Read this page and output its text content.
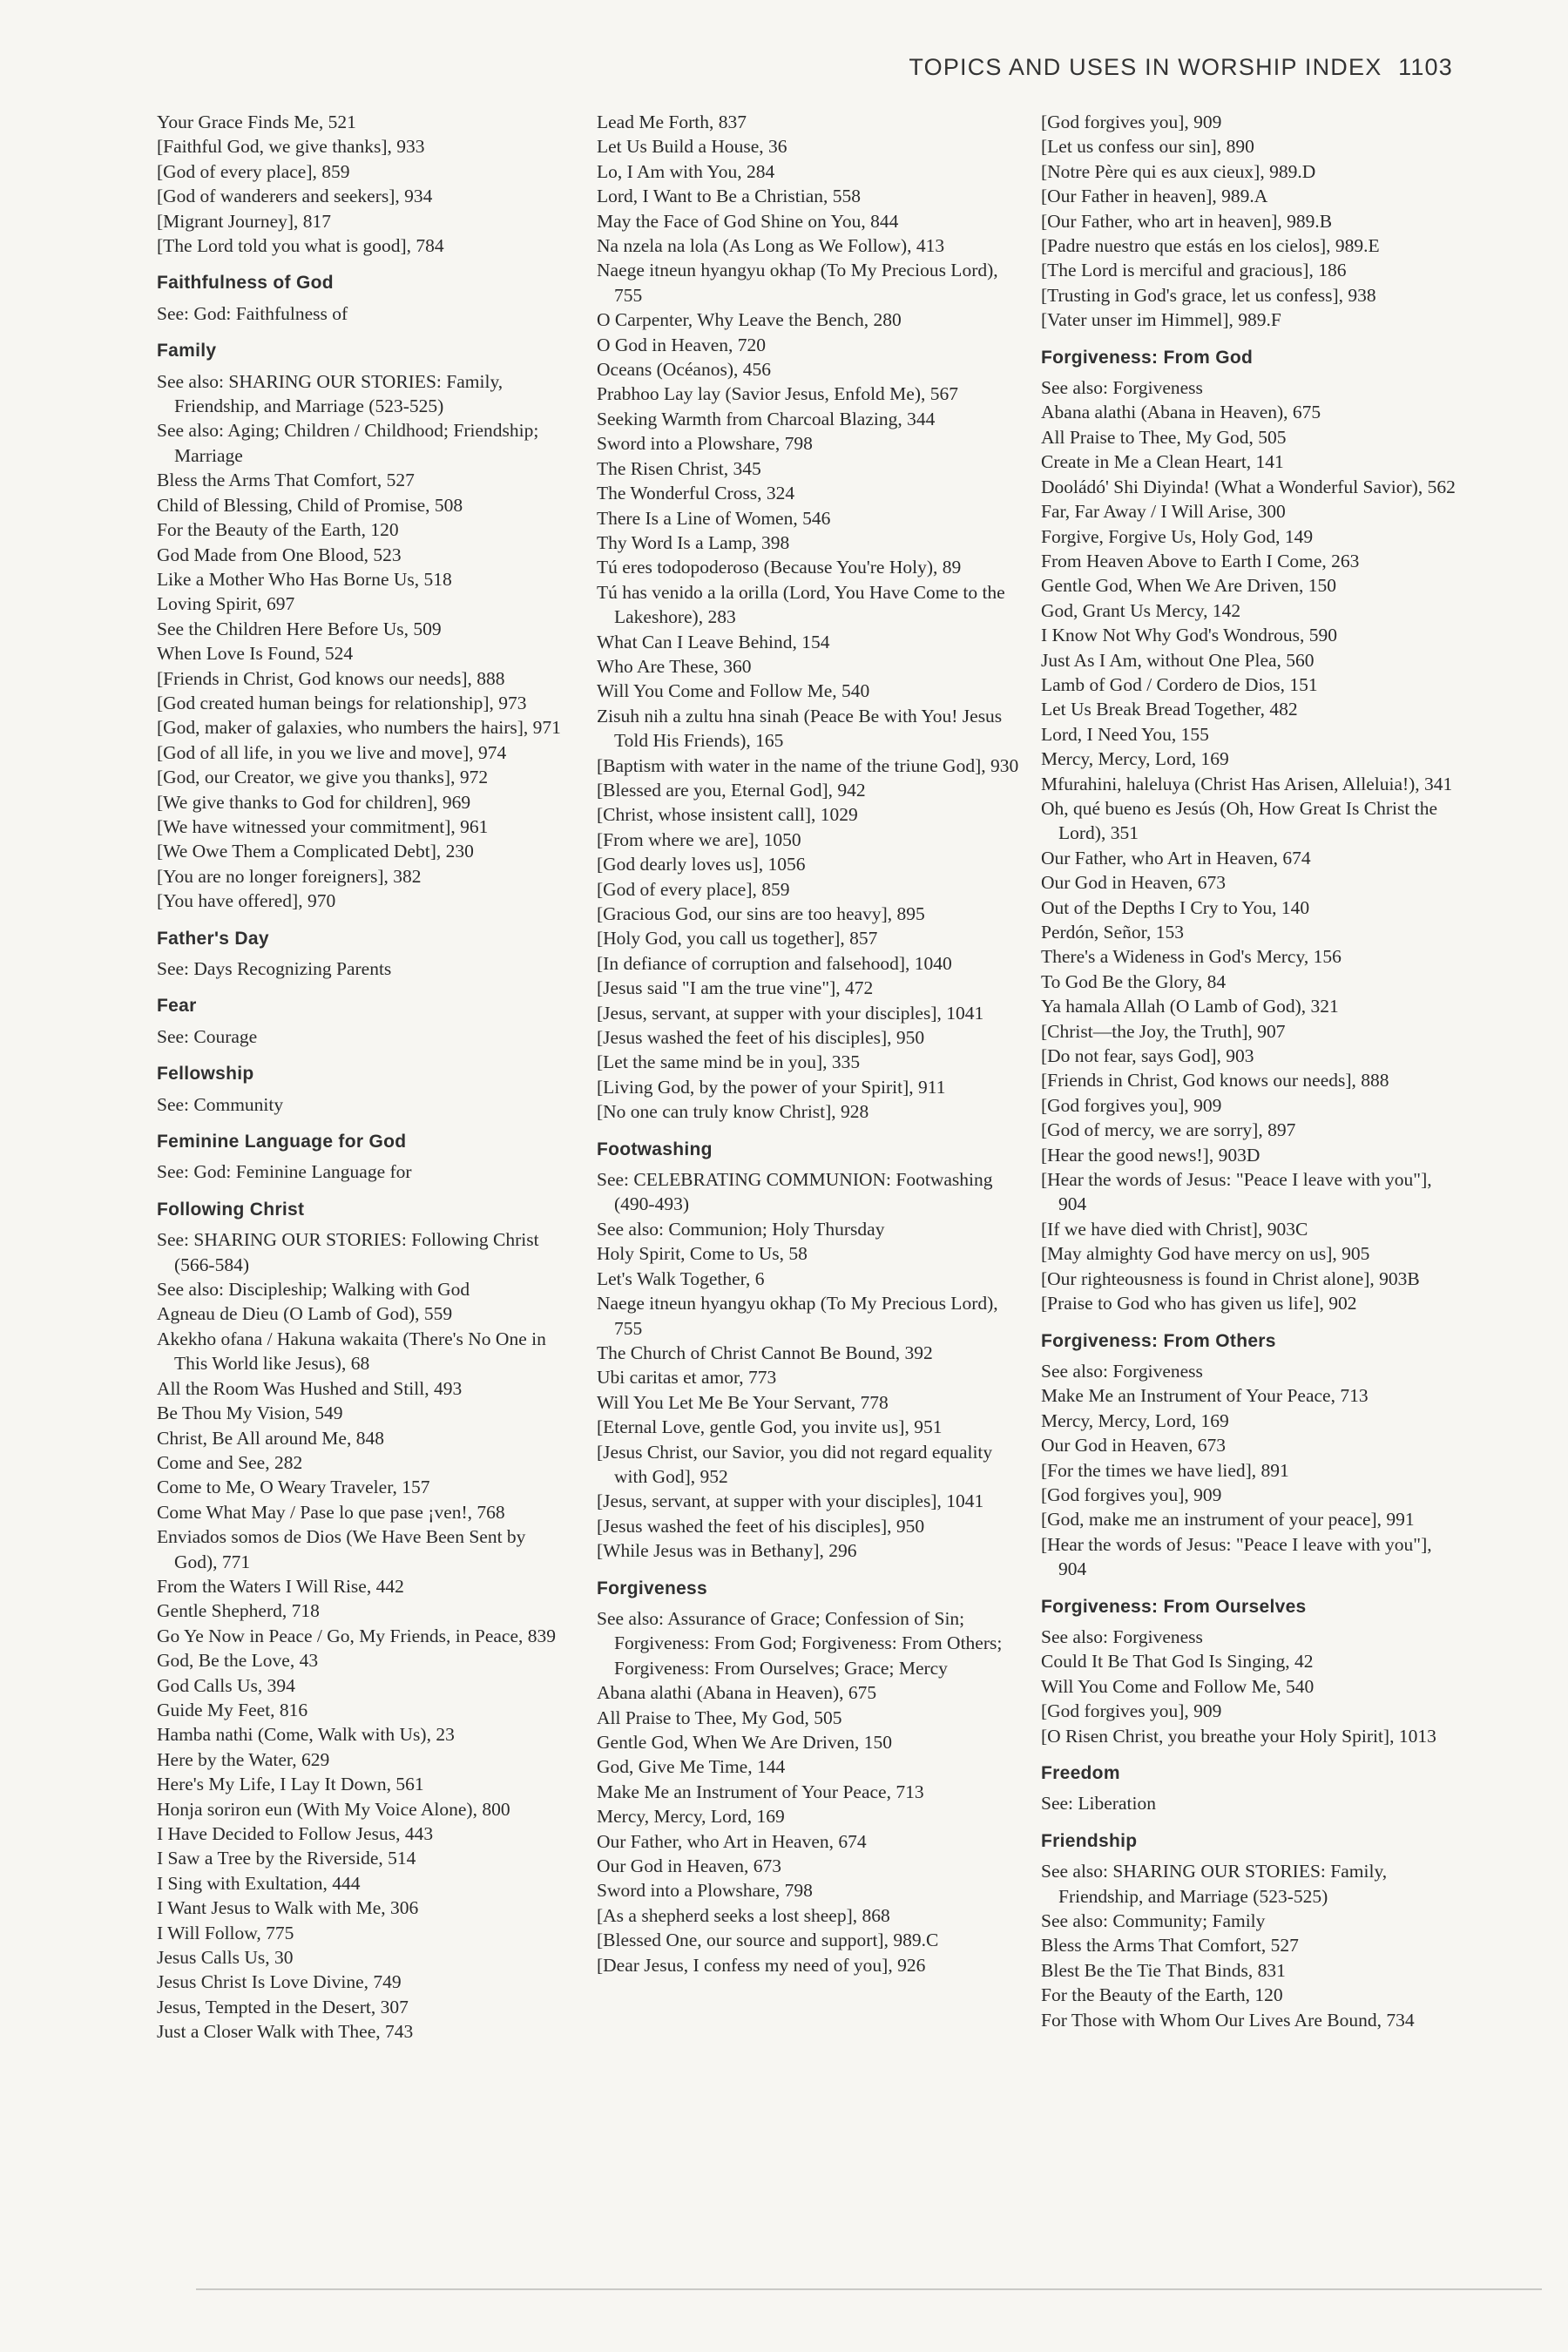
TOPICS AND USES IN WORSHIP INDEX 1103
Your Grace Finds Me, 521
[Faithful God, we give thanks], 933
[God of every place], 859
[God of wanderers and seekers], 934
[Migrant Journey], 817
[The Lord told you what is good], 784
Faithfulness of God
See: God: Faithfulness of
Family
See also: SHARING OUR STORIES: Family, Friendship, and Marriage (523-525)
See also: Aging; Children / Childhood; Friendship; Marriage
Bless the Arms That Comfort, 527
Child of Blessing, Child of Promise, 508
For the Beauty of the Earth, 120
God Made from One Blood, 523
Like a Mother Who Has Borne Us, 518
Loving Spirit, 697
See the Children Here Before Us, 509
When Love Is Found, 524
[Friends in Christ, God knows our needs], 888
[God created human beings for relationship], 973
[God, maker of galaxies, who numbers the hairs], 971
[God of all life, in you we live and move], 974
[God, our Creator, we give you thanks], 972
[We give thanks to God for children], 969
[We have witnessed your commitment], 961
[We Owe Them a Complicated Debt], 230
[You are no longer foreigners], 382
[You have offered], 970
Father's Day
See: Days Recognizing Parents
Fear
See: Courage
Fellowship
See: Community
Feminine Language for God
See: God: Feminine Language for
Following Christ
See: SHARING OUR STORIES: Following Christ (566-584)
See also: Discipleship; Walking with God
Agneau de Dieu (O Lamb of God), 559
Akekho ofana / Hakuna wakaita (There's No One in This World like Jesus), 68
All the Room Was Hushed and Still, 493
Be Thou My Vision, 549
Christ, Be All around Me, 848
Come and See, 282
Come to Me, O Weary Traveler, 157
Come What May / Pase lo que pase ¡ven!, 768
Enviados somos de Dios (We Have Been Sent by God), 771
From the Waters I Will Rise, 442
Gentle Shepherd, 718
Go Ye Now in Peace / Go, My Friends, in Peace, 839
God, Be the Love, 43
God Calls Us, 394
Guide My Feet, 816
Hamba nathi (Come, Walk with Us), 23
Here by the Water, 629
Here's My Life, I Lay It Down, 561
Honja soriron eun (With My Voice Alone), 800
I Have Decided to Follow Jesus, 443
I Saw a Tree by the Riverside, 514
I Sing with Exultation, 444
I Want Jesus to Walk with Me, 306
I Will Follow, 775
Jesus Calls Us, 30
Jesus Christ Is Love Divine, 749
Jesus, Tempted in the Desert, 307
Just a Closer Walk with Thee, 743
Lead Me Forth, 837
Let Us Build a House, 36
Lo, I Am with You, 284
Lord, I Want to Be a Christian, 558
May the Face of God Shine on You, 844
Na nzela na lola (As Long as We Follow), 413
Naege itneun hyangyu okhap (To My Precious Lord), 755
O Carpenter, Why Leave the Bench, 280
O God in Heaven, 720
Oceans (Océanos), 456
Prabhoo Lay lay (Savior Jesus, Enfold Me), 567
Seeking Warmth from Charcoal Blazing, 344
Sword into a Plowshare, 798
The Risen Christ, 345
The Wonderful Cross, 324
There Is a Line of Women, 546
Thy Word Is a Lamp, 398
Tú eres todopoderoso (Because You're Holy), 89
Tú has venido a la orilla (Lord, You Have Come to the Lakeshore), 283
What Can I Leave Behind, 154
Who Are These, 360
Will You Come and Follow Me, 540
Zisuh nih a zultu hna sinah (Peace Be with You! Jesus Told His Friends), 165
[Baptism with water in the name of the triune God], 930
[Blessed are you, Eternal God], 942
[Christ, whose insistent call], 1029
[From where we are], 1050
[God dearly loves us], 1056
[God of every place], 859
[Gracious God, our sins are too heavy], 895
[Holy God, you call us together], 857
[In defiance of corruption and falsehood], 1040
[Jesus said "I am the true vine"], 472
[Jesus, servant, at supper with your disciples], 1041
[Jesus washed the feet of his disciples], 950
[Let the same mind be in you], 335
[Living God, by the power of your Spirit], 911
[No one can truly know Christ], 928
Footwashing
See: CELEBRATING COMMUNION: Footwashing (490-493)
See also: Communion; Holy Thursday
Holy Spirit, Come to Us, 58
Let's Walk Together, 6
Naege itneun hyangyu okhap (To My Precious Lord), 755
The Church of Christ Cannot Be Bound, 392
Ubi caritas et amor, 773
Will You Let Me Be Your Servant, 778
[Eternal Love, gentle God, you invite us], 951
[Jesus Christ, our Savior, you did not regard equality with God], 952
[Jesus, servant, at supper with your disciples], 1041
[Jesus washed the feet of his disciples], 950
[While Jesus was in Bethany], 296
Forgiveness
See also: Assurance of Grace; Confession of Sin; Forgiveness: From God; Forgiveness: From Others; Forgiveness: From Ourselves; Grace; Mercy
Abana alathi (Abana in Heaven), 675
All Praise to Thee, My God, 505
Gentle God, When We Are Driven, 150
God, Give Me Time, 144
Make Me an Instrument of Your Peace, 713
Mercy, Mercy, Lord, 169
Our Father, who Art in Heaven, 674
Our God in Heaven, 673
Sword into a Plowshare, 798
[As a shepherd seeks a lost sheep], 868
[Blessed One, our source and support], 989.C
[Dear Jesus, I confess my need of you], 926
[God forgives you], 909
[Let us confess our sin], 890
[Notre Père qui es aux cieux], 989.D
[Our Father in heaven], 989.A
[Our Father, who art in heaven], 989.B
[Padre nuestro que estás en los cielos], 989.E
[The Lord is merciful and gracious], 186
[Trusting in God's grace, let us confess], 938
[Vater unser im Himmel], 989.F
Forgiveness: From God
See also: Forgiveness
Abana alathi (Abana in Heaven), 675
All Praise to Thee, My God, 505
Create in Me a Clean Heart, 141
Dooládó' Shi Diyinda! (What a Wonderful Savior), 562
Far, Far Away / I Will Arise, 300
Forgive, Forgive Us, Holy God, 149
From Heaven Above to Earth I Come, 263
Gentle God, When We Are Driven, 150
God, Grant Us Mercy, 142
I Know Not Why God's Wondrous, 590
Just As I Am, without One Plea, 560
Lamb of God / Cordero de Dios, 151
Let Us Break Bread Together, 482
Lord, I Need You, 155
Mercy, Mercy, Lord, 169
Mfurahini, haleluya (Christ Has Arisen, Alleluia!), 341
Oh, qué bueno es Jesús (Oh, How Great Is Christ the Lord), 351
Our Father, who Art in Heaven, 674
Our God in Heaven, 673
Out of the Depths I Cry to You, 140
Perdón, Señor, 153
There's a Wideness in God's Mercy, 156
To God Be the Glory, 84
Ya hamala Allah (O Lamb of God), 321
[Christ—the Joy, the Truth], 907
[Do not fear, says God], 903
[Friends in Christ, God knows our needs], 888
[God forgives you], 909
[God of mercy, we are sorry], 897
[Hear the good news!], 903D
[Hear the words of Jesus: "Peace I leave with you"], 904
[If we have died with Christ], 903C
[May almighty God have mercy on us], 905
[Our righteousness is found in Christ alone], 903B
[Praise to God who has given us life], 902
Forgiveness: From Others
See also: Forgiveness
Make Me an Instrument of Your Peace, 713
Mercy, Mercy, Lord, 169
Our God in Heaven, 673
[For the times we have lied], 891
[God forgives you], 909
[God, make me an instrument of your peace], 991
[Hear the words of Jesus: "Peace I leave with you"], 904
Forgiveness: From Ourselves
See also: Forgiveness
Could It Be That God Is Singing, 42
Will You Come and Follow Me, 540
[God forgives you], 909
[O Risen Christ, you breathe your Holy Spirit], 1013
Freedom
See: Liberation
Friendship
See also: SHARING OUR STORIES: Family, Friendship, and Marriage (523-525)
See also: Community; Family
Bless the Arms That Comfort, 527
Blest Be the Tie That Binds, 831
For the Beauty of the Earth, 120
For Those with Whom Our Lives Are Bound, 734
